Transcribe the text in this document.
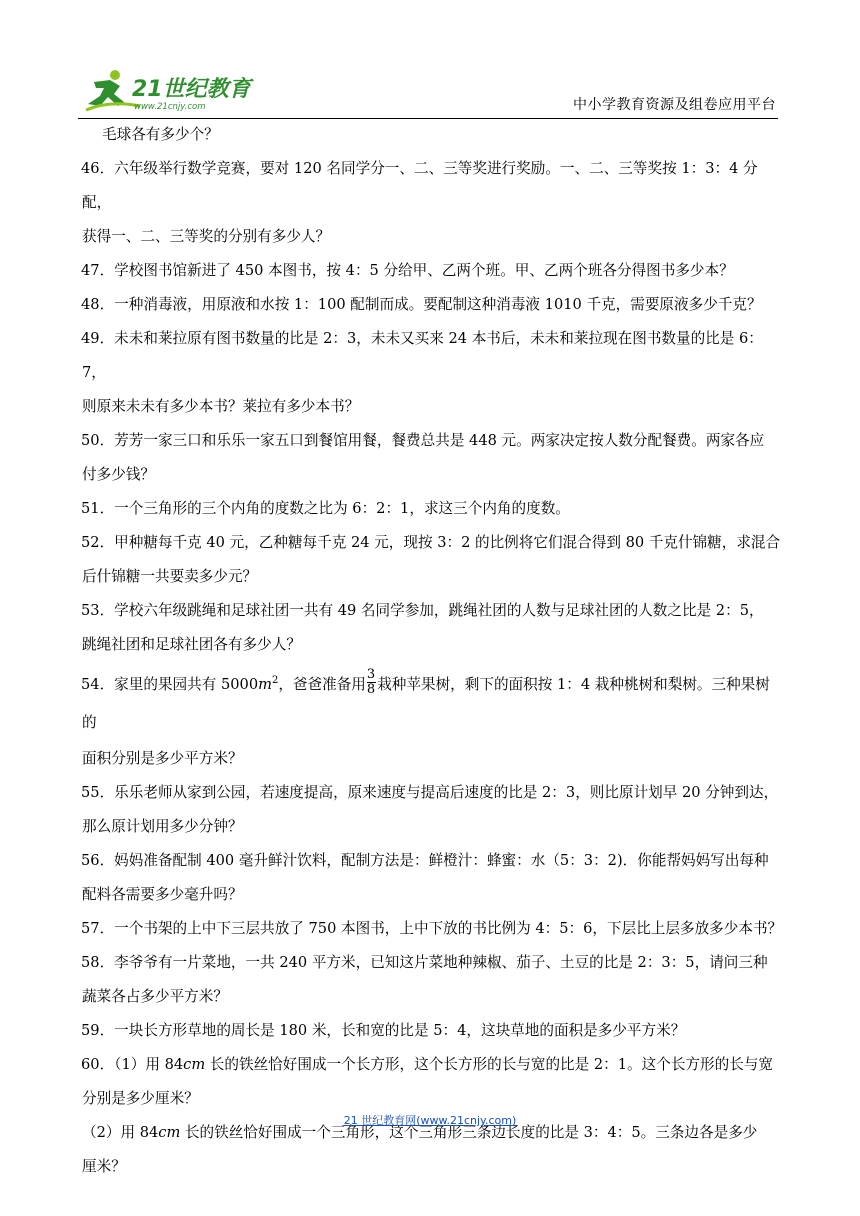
21世纪教育
www.21cnjy.com	中小学教育资源及组卷应用平台

毛球各有多少个？

46．六年级举行数学竞赛，要对 120 名同学分一、二、三等奖进行奖励。一、二、三等奖按 1：3：4 分配，

获得一、二、三等奖的分别有多少人？

47．学校图书馆新进了 450 本图书，按 4：5 分给甲、乙两个班。甲、乙两个班各分得图书多少本？

48．一种消毒液，用原液和水按 1：100 配制而成。要配制这种消毒液 1010 千克，需要原液多少千克？

49．未未和莱拉原有图书数量的比是 2：3，未未又买来 24 本书后，未未和莱拉现在图书数量的比是 6：7，

则原来未未有多少本书？莱拉有多少本书？

50．芳芳一家三口和乐乐一家五口到餐馆用餐，餐费总共是 448 元。两家决定按人数分配餐费。两家各应

付多少钱？

51．一个三角形的三个内角的度数之比为 6：2：1，求这三个内角的度数。

52．甲种糖每千克 40 元，乙种糖每千克 24 元，现按 3：2 的比例将它们混合得到 80 千克什锦糖，求混合

后什锦糖一共要卖多少元？

53．学校六年级跳绳和足球社团一共有 49 名同学参加，跳绳社团的人数与足球社团的人数之比是 2：5，

跳绳社团和足球社团各有多少人？

54．家里的果园共有 $5000m^2$，爸爸准备用 $\frac{3}{8}$ 栽种苹果树，剩下的面积按 1：4 栽种桃树和梨树。三种果树的

面积分别是多少平方米？

55．乐乐老师从家到公园，若速度提高，原来速度与提高后速度的比是 2：3，则比原计划早 20 分钟到达，

那么原计划用多少分钟？

56．妈妈准备配制 400 毫升鲜汁饮料，配制方法是：鲜橙汁：蜂蜜：水（5：3：2)．你能帮妈妈写出每种

配料各需要多少毫升吗？

57．一个书架的上中下三层共放了 750 本图书，上中下放的书比例为 4：5：6，下层比上层多放多少本书？

58．李爷爷有一片菜地，一共 240 平方米，已知这片菜地种辣椒、茄子、土豆的比是 2：3：5，请问三种

蔬菜各占多少平方米？

59．一块长方形草地的周长是 180 米，长和宽的比是 5：4，这块草地的面积是多少平方米？

60．（1）用 84cm 长的铁丝恰好围成一个长方形，这个长方形的长与宽的比是 2：1。这个长方形的长与宽

分别是多少厘米？

（2）用 84cm 长的铁丝恰好围成一个三角形，这个三角形三条边长度的比是 3：4：5。三条边各是多少

厘米？

21 世纪教育网(www.21cnjy.com)
